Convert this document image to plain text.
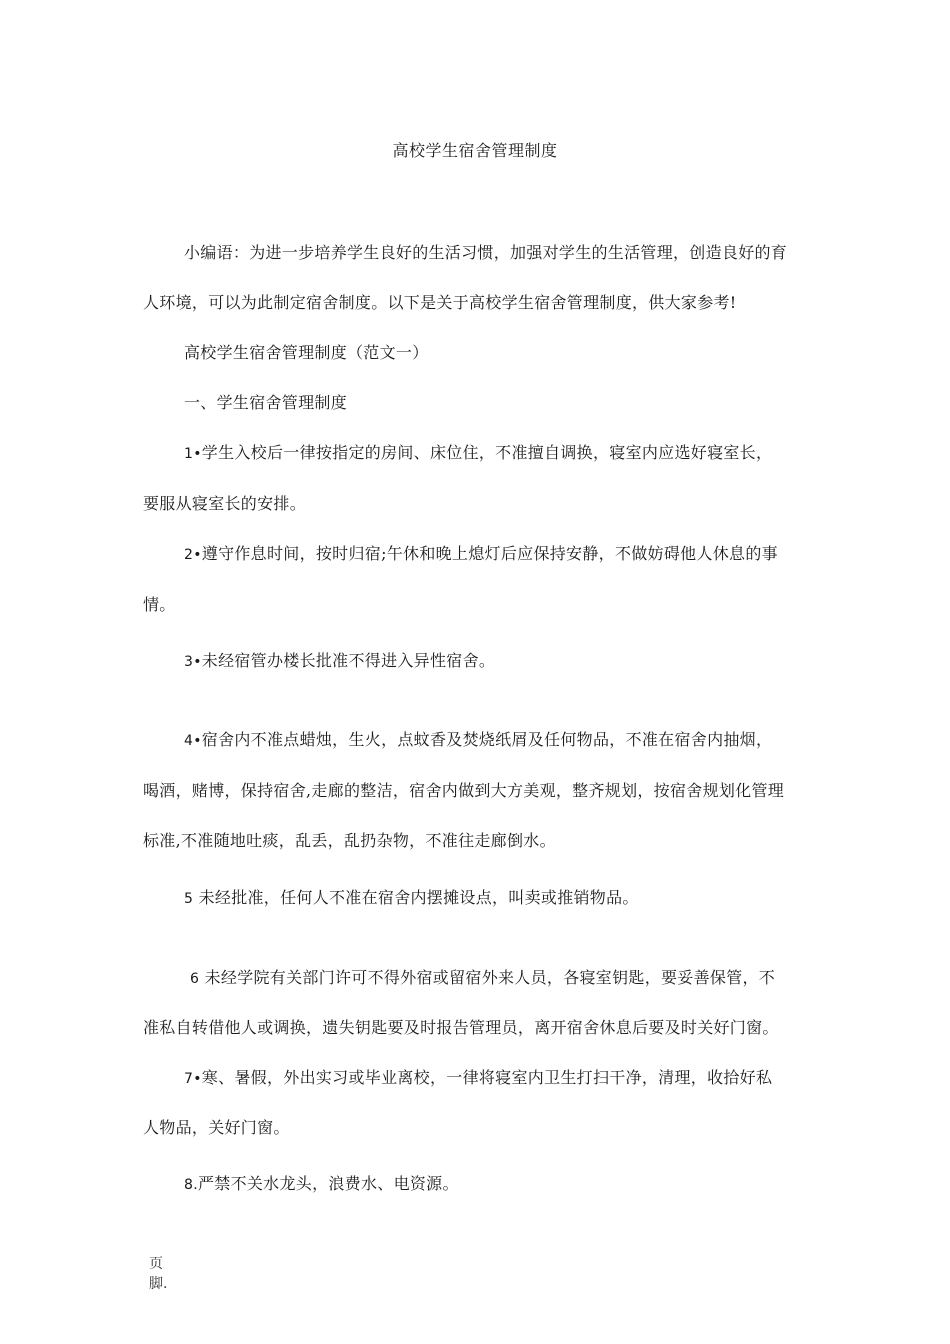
高校学生宿舍管理制度
小编语：为进一步培养学生良好的生活习惯，加强对学生的生活管理，创造良好的育
人环境，可以为此制定宿舍制度。以下是关于高校学生宿舍管理制度，供大家参考!
高校学生宿舍管理制度（范文一）
一、学生宿舍管理制度
1•学生入校后一律按指定的房间、床位住，不准擅自调换，寝室内应选好寝室长，
要服从寝室长的安排。
2•遵守作息时间，按时归宿;午休和晚上熄灯后应保持安静，不做妨碍他人休息的事
情。
3•未经宿管办楼长批准不得进入异性宿舍。
4•宿舍内不准点蜡烛，生火，点蚊香及焚烧纸屑及任何物品，不准在宿舍内抽烟，
喝酒，赌博，保持宿舍,走廊的整洁，宿舍内做到大方美观，整齐规划，按宿舍规划化管理
标准,不准随地吐痰，乱丢，乱扔杂物，不准往走廊倒水。
5 未经批准，任何人不准在宿舍内摆摊设点，叫卖或推销物品。
6 未经学院有关部门许可不得外宿或留宿外来人员，各寝室钥匙，要妥善保管，不
准私自转借他人或调换，遗失钥匙要及时报告管理员，离开宿舍休息后要及时关好门窗。
7•寒、暑假，外出实习或毕业离校，一律将寝室内卫生打扫干净，清理，收拾好私
人物品，关好门窗。
8.严禁不关水龙头，浪费水、电资源。
页
脚.
